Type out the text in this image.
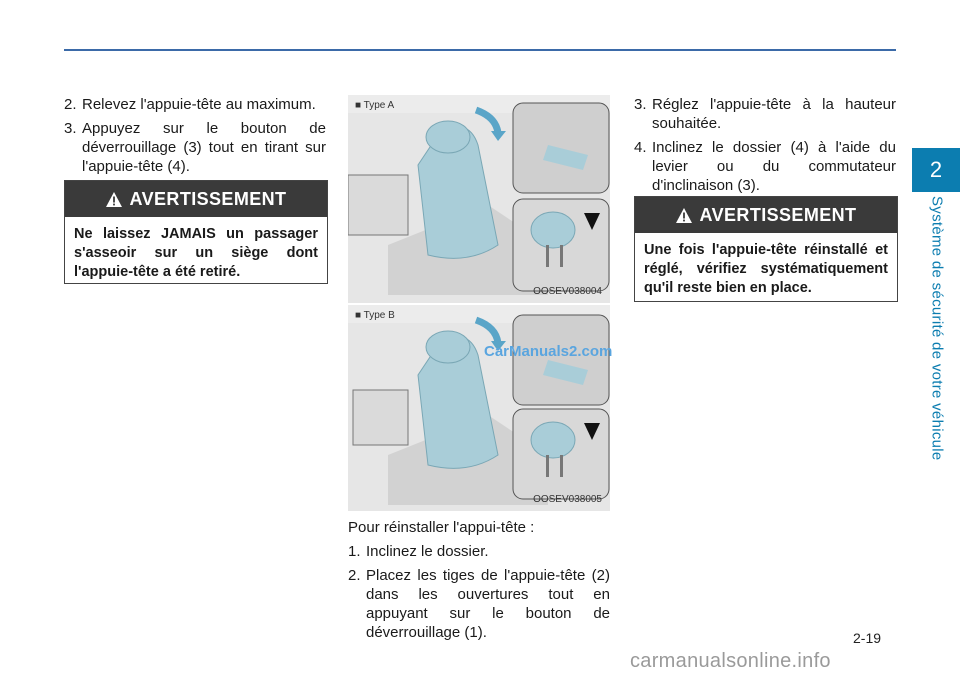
2
Système de sécurité de votre véhicule
2. Relevez l'appuie-tête au maximum.
3. Appuyez sur le bouton de déverrouillage (3) tout en tirant sur l'appuie-tête (4).
AVERTISSEMENT
Ne laissez JAMAIS un passager s'asseoir sur un siège dont l'appuie-tête a été retiré.
■ Type A
OOSEV038004
■ Type B
OOSEV038005
CarManuals2.com
Pour réinstaller l'appui-tête :
1. Inclinez le dossier.
2. Placez les tiges de l'appuie-tête (2) dans les ouvertures tout en appuyant sur le bouton de déverrouillage (1).
3. Réglez l'appuie-tête à la hauteur souhaitée.
4. Inclinez le dossier (4) à l'aide du levier ou du commutateur d'inclinaison (3).
AVERTISSEMENT
Une fois l'appuie-tête réinstallé et réglé, vérifiez systématiquement qu'il reste bien en place.
2-19
carmanualsonline.info
